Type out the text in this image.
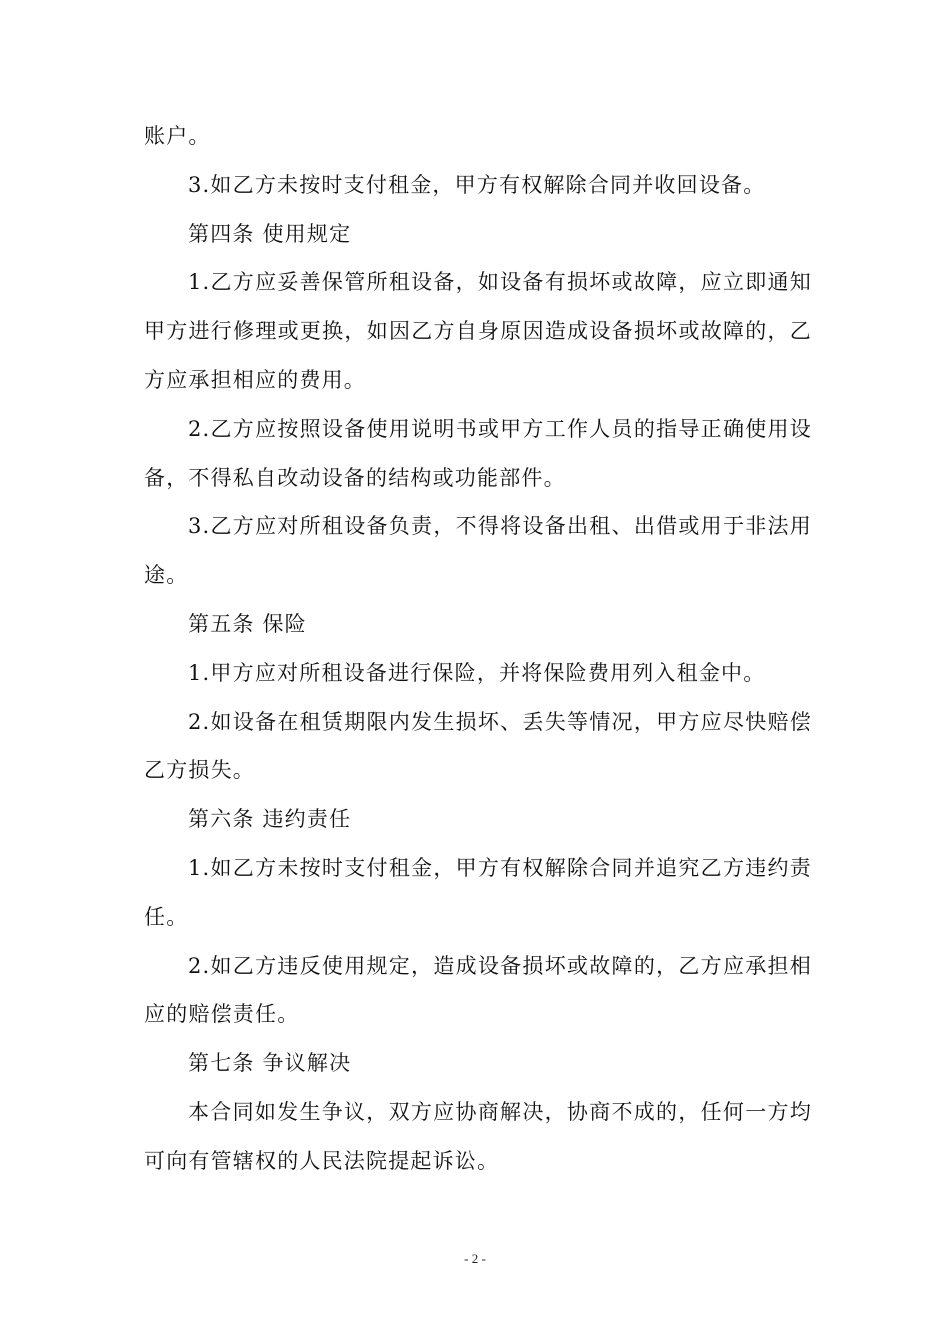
账户。

3.如乙方未按时支付租金，甲方有权解除合同并收回设备。

第四条 使用规定

1.乙方应妥善保管所租设备，如设备有损坏或故障，应立即通知甲方进行修理或更换，如因乙方自身原因造成设备损坏或故障的，乙方应承担相应的费用。

2.乙方应按照设备使用说明书或甲方工作人员的指导正确使用设备，不得私自改动设备的结构或功能部件。

3.乙方应对所租设备负责，不得将设备出租、出借或用于非法用途。

第五条 保险

1.甲方应对所租设备进行保险，并将保险费用列入租金中。

2.如设备在租赁期限内发生损坏、丢失等情况，甲方应尽快赔偿乙方损失。

第六条 违约责任

1.如乙方未按时支付租金，甲方有权解除合同并追究乙方违约责任。

2.如乙方违反使用规定，造成设备损坏或故障的，乙方应承担相应的赔偿责任。

第七条 争议解决

本合同如发生争议，双方应协商解决，协商不成的，任何一方均可向有管辖权的人民法院提起诉讼。

- 2 -
